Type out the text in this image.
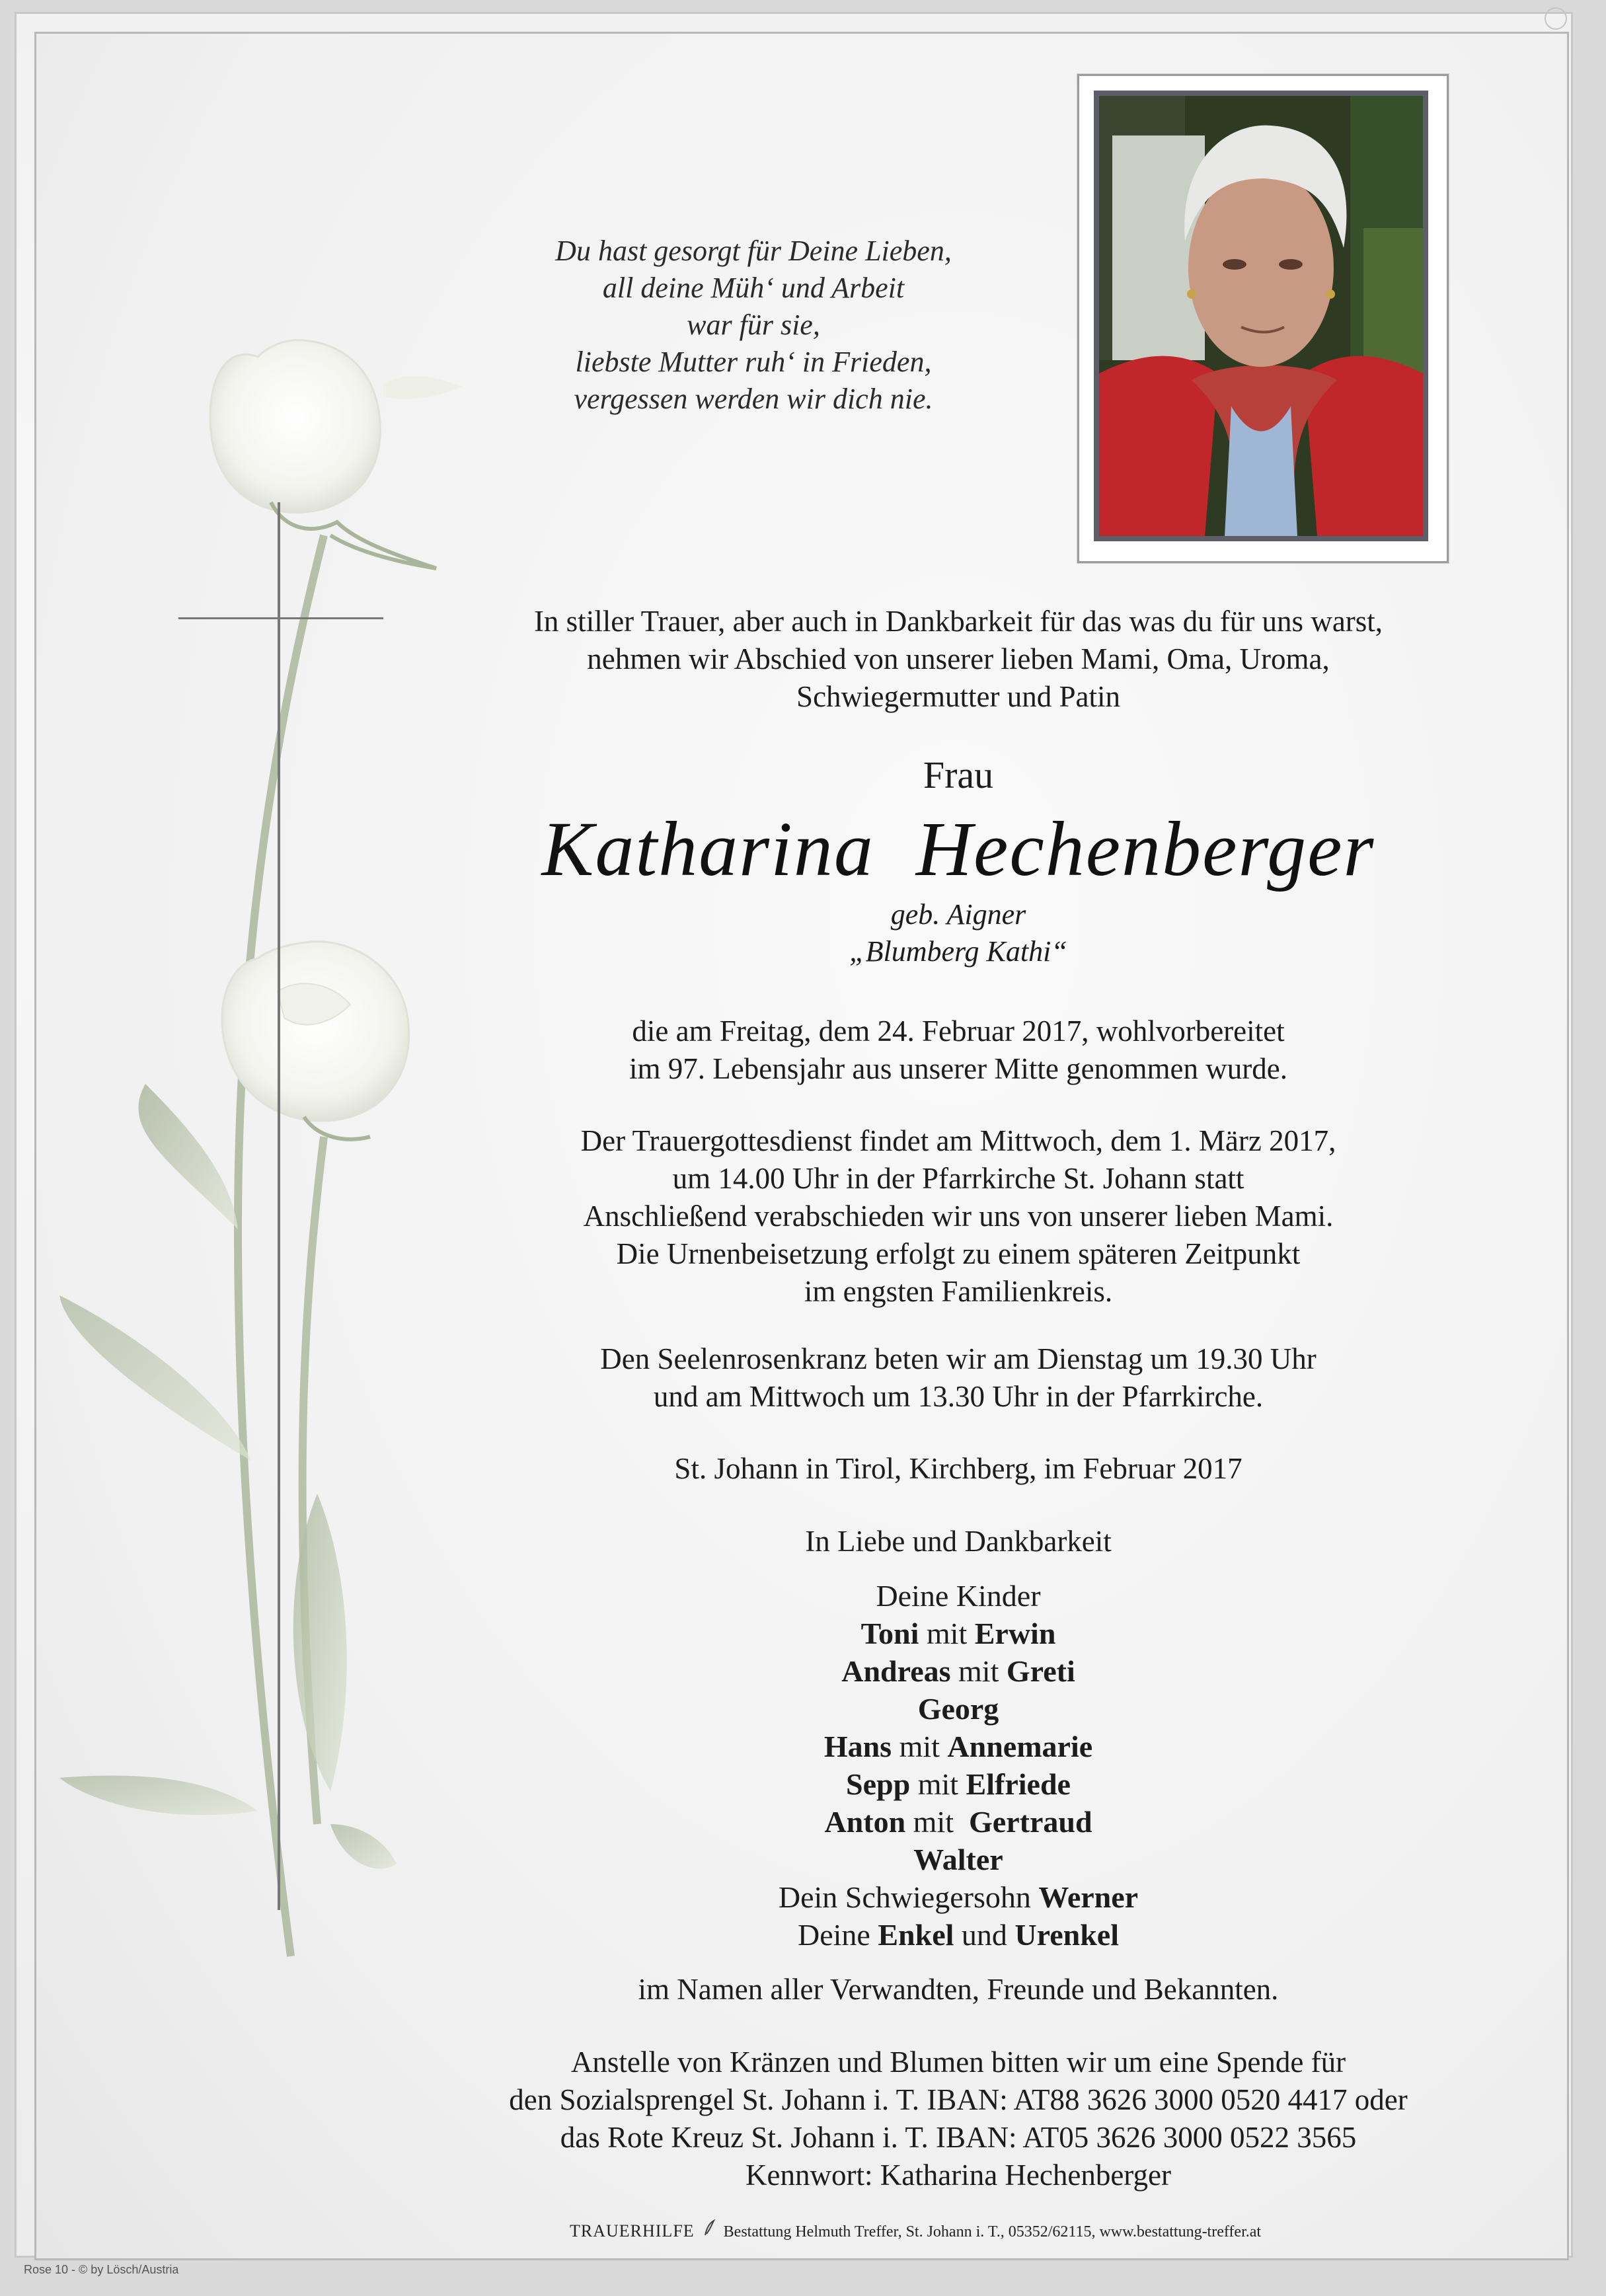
Du hast gesorgt für Deine Lieben,
all deine Müh‘ und Arbeit
war für sie,
liebste Mutter ruh‘ in Frieden,
vergessen werden wir dich nie.
In stiller Trauer, aber auch in Dankbarkeit für das was du für uns warst,
nehmen wir Abschied von unserer lieben Mami, Oma, Uroma,
Schwiegermutter und Patin
Frau
Katharina  Hechenberger
geb. Aigner
„Blumberg Kathi“
die am Freitag, dem 24. Februar 2017, wohlvorbereitet
im 97. Lebensjahr aus unserer Mitte genommen wurde.
Der Trauergottesdienst findet am Mittwoch, dem 1. März 2017,
um 14.00 Uhr in der Pfarrkirche St. Johann statt
Anschließend verabschieden wir uns von unserer lieben Mami.
Die Urnenbeisetzung erfolgt zu einem späteren Zeitpunkt
im engsten Familienkreis.
Den Seelenrosenkranz beten wir am Dienstag um 19.30 Uhr
und am Mittwoch um 13.30 Uhr in der Pfarrkirche.
St. Johann in Tirol, Kirchberg, im Februar 2017
In Liebe und Dankbarkeit
Deine Kinder
Toni mit Erwin
Andreas mit Greti
Georg
Hans mit Annemarie
Sepp mit Elfriede
Anton mit  Gertraud
Walter
Dein Schwiegersohn Werner
Deine Enkel und Urenkel
im Namen aller Verwandten, Freunde und Bekannten.
Anstelle von Kränzen und Blumen bitten wir um eine Spende für
den Sozialsprengel St. Johann i. T. IBAN: AT88 3626 3000 0520 4417 oder
das Rote Kreuz St. Johann i. T. IBAN: AT05 3626 3000 0522 3565
Kennwort: Katharina Hechenberger
TRAUERHILFE Bestattung Helmuth Treffer, St. Johann i. T., 05352/62115, www.bestattung-treffer.at
Rose 10 - © by Lösch/Austria
